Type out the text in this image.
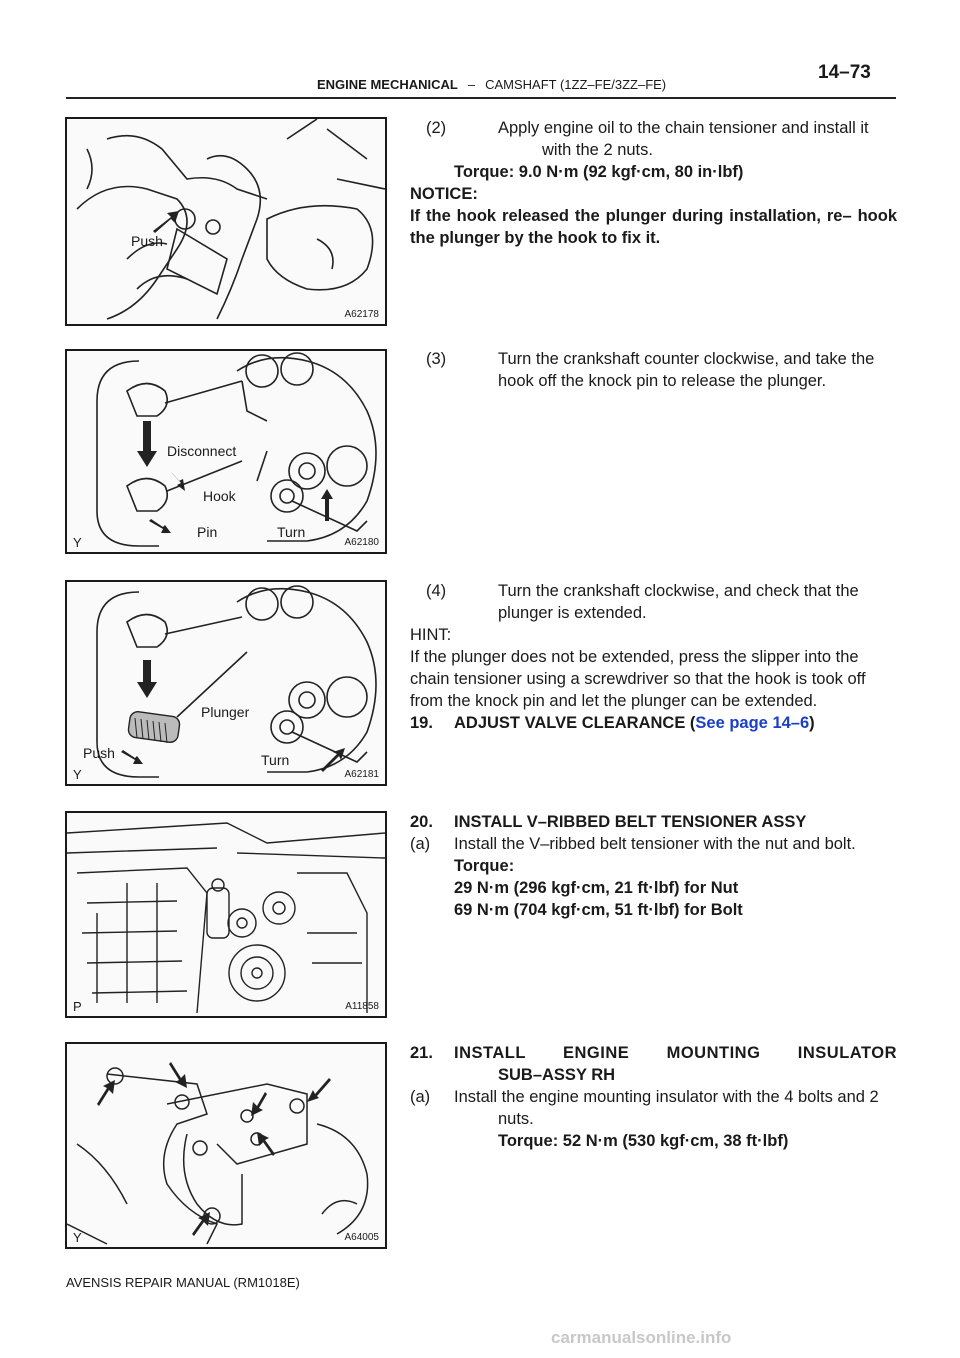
14–73
ENGINE MECHANICAL – CAMSHAFT (1ZZ–FE/3ZZ–FE)
Push
A62178
Disconnect
Hook
Pin	Turn
Y	A62180
Plunger
Push	Turn
Y	A62181
P	A11858
Y	A64005
(2)	Apply engine oil to the chain tensioner and install it with the 2 nuts.
Torque: 9.0 N·m (92 kgf·cm, 80 in·lbf)
NOTICE:
If the hook released the plunger during installation, re– hook the plunger by the hook to fix it.
(3)	Turn the crankshaft counter clockwise, and take the hook off the knock pin to release the plunger.
(4)	Turn the crankshaft clockwise, and check that the plunger is extended.
HINT:
If the plunger does not be extended, press the slipper into the chain tensioner using a screwdriver so that the hook is took off from the knock pin and let the plunger can be extended.
19. ADJUST VALVE CLEARANCE (See page 14–6)
20. INSTALL V–RIBBED BELT TENSIONER ASSY
(a) Install the V–ribbed belt tensioner with the nut and bolt.
Torque:
29 N·m (296 kgf·cm, 21 ft·lbf) for Nut
69 N·m (704 kgf·cm, 51 ft·lbf) for Bolt
21. INSTALL ENGINE MOUNTING INSULATOR
SUB–ASSY RH
(a) Install the engine mounting insulator with the 4 bolts and 2 nuts.
Torque: 52 N·m (530 kgf·cm, 38 ft·lbf)
AVENSIS REPAIR MANUAL (RM1018E)
carmanualsonline.info
